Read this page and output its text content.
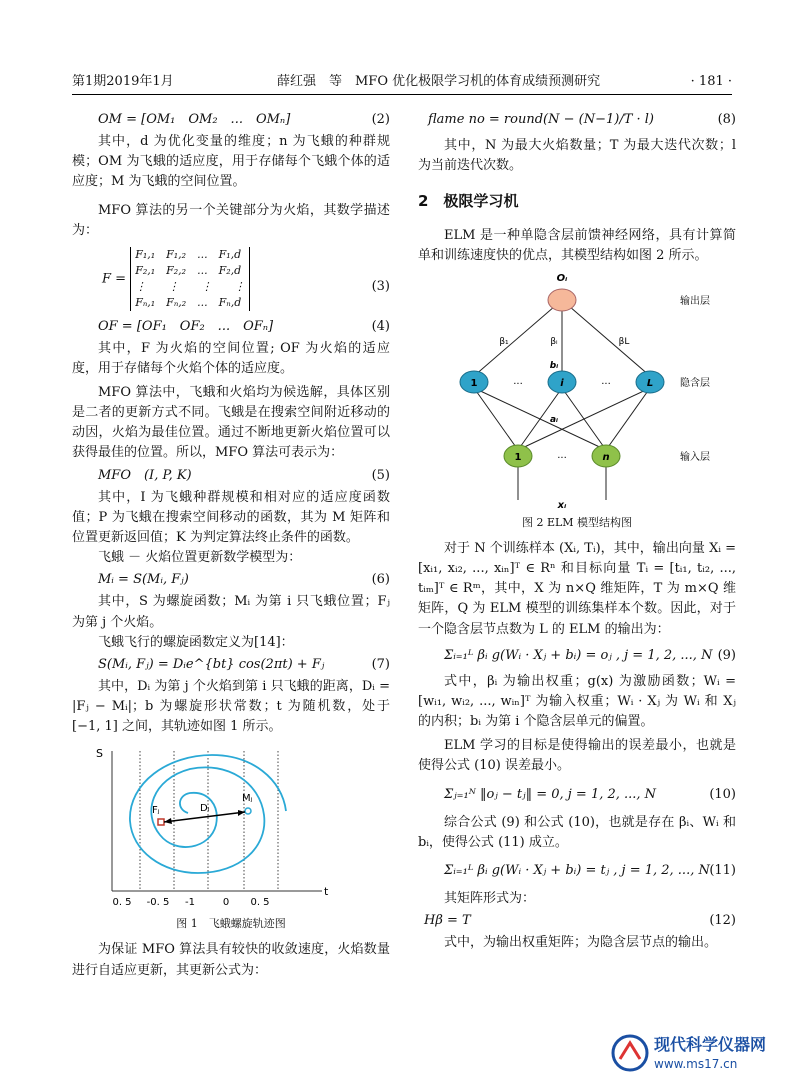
第1期2019年1月	薛红强　等　MFO 优化极限学习机的体育成绩预测研究	· 181 ·
OM = [OM₁　OM₂　...　OMₙ]	(2)

其中，d 为优化变量的维度；n 为飞蛾的种群规模；OM 为飞蛾的适应度，用于存储每个飞蛾个体的适应度；M 为飞蛾的空间位置。

MFO 算法的另一个关键部分为火焰，其数学描述为：

F =
F₁,₁　F₁,₂　...　F₁,d
F₂,₁　F₂,₂　...　F₂,d
⋮　　⋮　　⋮　　⋮
Fₙ,₁　Fₙ,₂　...　Fₙ,d
(3)
OF = [OF₁　OF₂　...　OFₙ]	(4)

其中，F 为火焰的空间位置; OF 为火焰的适应度，用于存储每个火焰个体的适应度。

MFO 算法中，飞蛾和火焰均为候选解，具体区别是二者的更新方式不同。飞蛾是在搜索空间附近移动的动因，火焰为最佳位置。通过不断地更新火焰位置可以获得最佳的位置。所以，MFO 算法可表示为：

MFO　(I, P, K)	(5)

其中，I 为飞蛾种群规模和相对应的适应度函数值；P 为飞蛾在搜索空间移动的函数，其为 M 矩阵和位置更新返回值；K 为判定算法终止条件的函数。

飞蛾 － 火焰位置更新数学模型为：

Mᵢ = S(Mᵢ, Fⱼ)	(6)

其中，S 为螺旋函数；Mᵢ 为第 i 只飞蛾位置；Fⱼ 为第 j 个火焰。

飞蛾飞行的螺旋函数定义为[14]：

S(Mᵢ, Fⱼ) = Dᵢe^{bt} cos(2πt) + Fⱼ	(7)

其中，Dᵢ 为第 j 个火焰到第 i 只飞蛾的距离，Dᵢ = |Fⱼ − Mᵢ|；b 为螺旋形状常数；t 为随机数，处于 [−1, 1] 之间，其轨迹如图 1 所示。

S
t
Fⱼ	Dᵢ
Mⱼ
0. 5 -0. 5 -1	0 0. 5
图 1　飞蛾螺旋轨迹图

为保证 MFO 算法具有较快的收敛速度，火焰数量进行自适应更新，其更新公式为：

flame no = round(N − (N−1)/T · l)	(8)

其中，N 为最大火焰数量；T 为最大迭代次数；l 为当前迭代次数。

2　极限学习机

ELM 是一种单隐含层前馈神经网络，具有计算简单和训练速度快的优点，其模型结构如图 2 所示。

Oᵢ
1	i	L
1	n
...	...
...
xᵢ
β₁	βᵢ	βL
bᵢ
aᵢ
输出层
隐含层
输入层
图 2 ELM 模型结构图

对于 N 个训练样本 (Xᵢ, Tᵢ)，其中，输出向量 Xᵢ = [xᵢ₁, xᵢ₂, ..., xᵢₙ]ᵀ ∈ Rⁿ 和目标向量 Tᵢ = [tᵢ₁, tᵢ₂, ..., tᵢₘ]ᵀ ∈ Rᵐ，其中，X 为 n×Q 维矩阵，T 为 m×Q 维矩阵，Q 为 ELM 模型的训练集样本个数。因此，对于一个隐含层节点数为 L 的 ELM 的输出为：

Σᵢ₌₁ᴸ βᵢ g(Wᵢ · Xⱼ + bᵢ) = oⱼ , j = 1, 2, ..., N (9)

式中，βᵢ 为输出权重；g(x) 为激励函数；Wᵢ = [wᵢ₁, wᵢ₂, ..., wᵢₙ]ᵀ 为输入权重；Wᵢ · Xⱼ 为 Wᵢ 和 Xⱼ 的内积；bᵢ 为第 i 个隐含层单元的偏置。

ELM 学习的目标是使得输出的误差最小，也就是使得公式 (10) 误差最小。

Σⱼ₌₁ᴺ ‖oⱼ − tⱼ‖ = 0, j = 1, 2, ..., N	(10)

综合公式 (9) 和公式 (10)，也就是存在 βᵢ、Wᵢ 和 bᵢ，使得公式 (11) 成立。

Σᵢ₌₁ᴸ βᵢ g(Wᵢ · Xⱼ + bᵢ) = tⱼ , j = 1, 2, ..., N (11)

其矩阵形式为：

Hβ = T	(12)

式中，为输出权重矩阵；为隐含层节点的输出。

现代科学仪器网
www.ms17.cn
